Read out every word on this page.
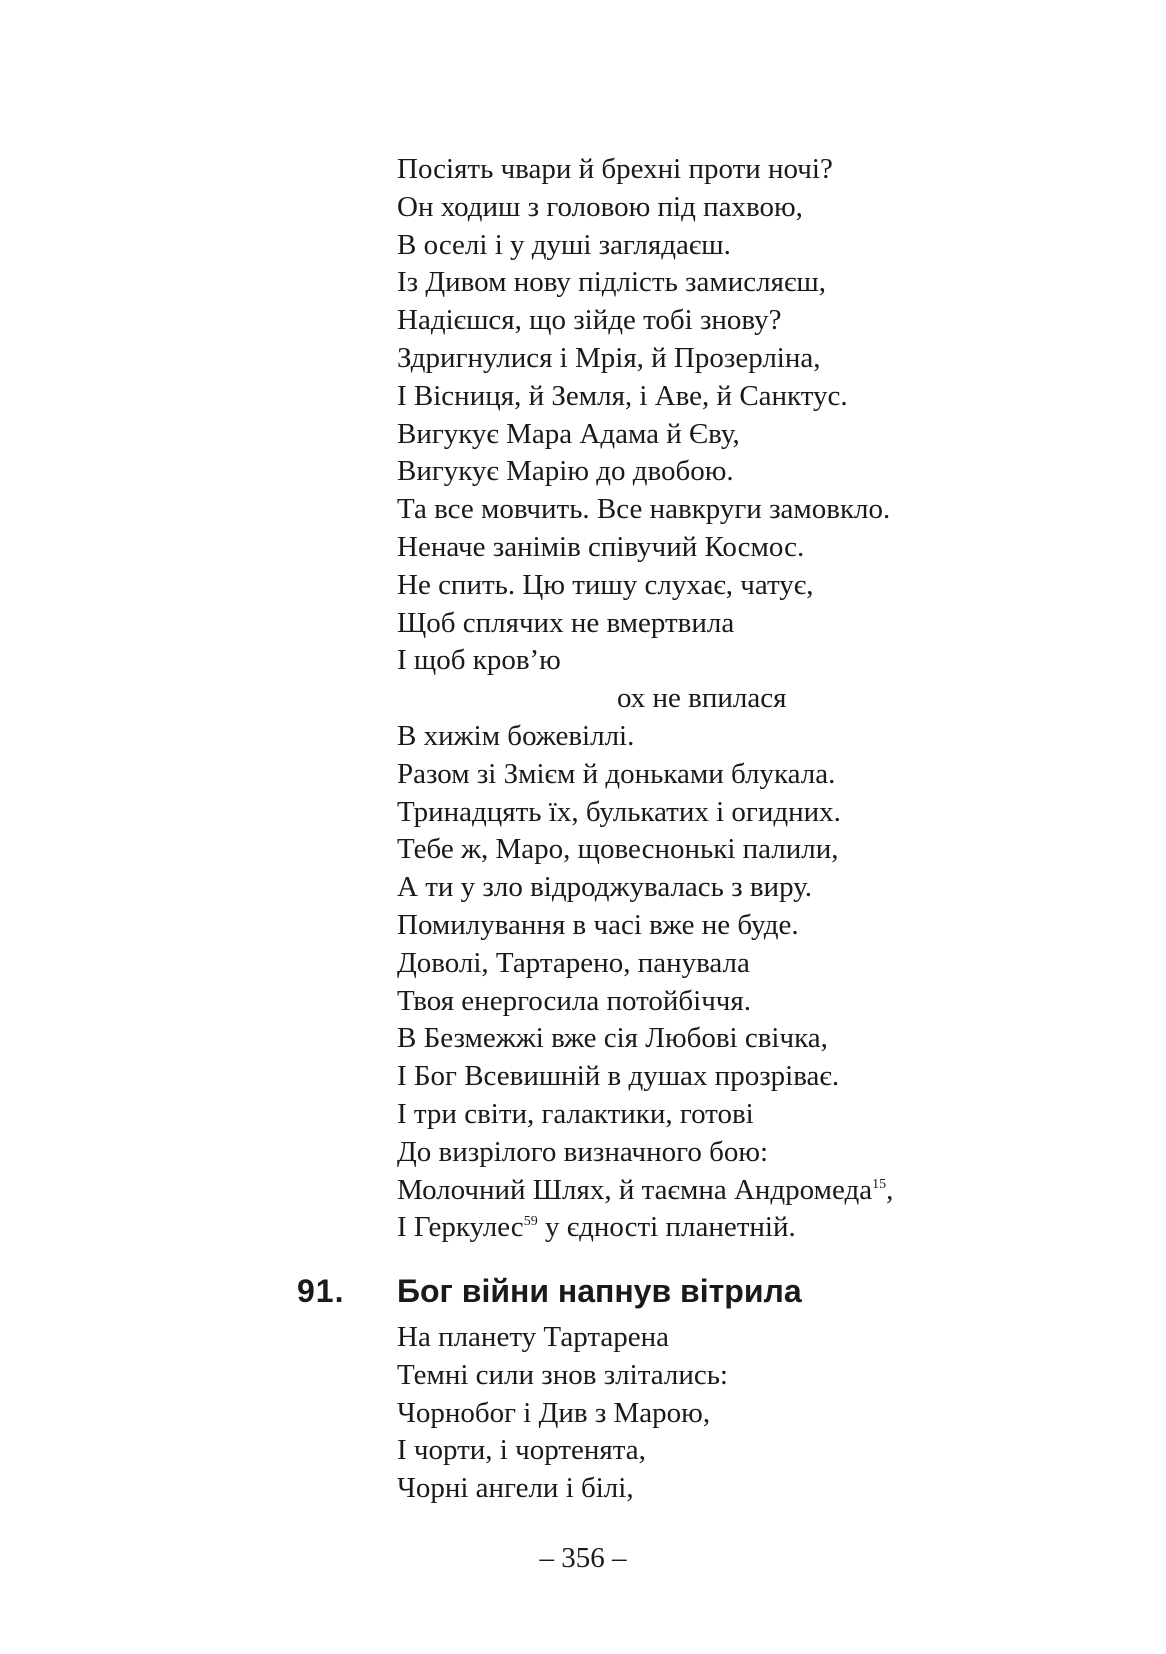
Посіять чвари й брехні проти ночі?
Он ходиш з головою під пахвою,
В оселі і у душі заглядаєш.
Із Дивом нову підлість замисляєш,
Надієшся, що зійде тобі знову?
Здригнулися і Мрія, й Прозерліна,
І Вісниця, й Земля, і Аве, й Санктус.
Вигукує Мара Адама й Єву,
Вигукує Марію до двобою.
Та все мовчить. Все навкруги замовкло.
Неначе занімів співучий Космос.
Не спить. Цю тишу слухає, чатує,
Щоб сплячих не вмертвила
І щоб кров’ю
ох не впилася
В хижім божевіллі.
Разом зі Змієм й доньками блукала.
Тринадцять їх, булькатих і огидних.
Тебе ж, Маро, щовеснонькі палили,
А ти у зло відроджувалась з виру.
Помилування в часі вже не буде.
Доволі, Тартарено, панувала
Твоя енергосила потойбіччя.
В Безмежжі вже сія Любові свічка,
І Бог Всевишній в душах прозріває.
І три світи, галактики, готові
До визрілого визначного бою:
Молочний Шлях, й таємна Андромеда$^{15}$,
І Геркулес$^{59}$ у єдності планетній.
91.	Бог війни напнув вітрила
На планету Тартарена
Темні сили знов злітались:
Чорнобог і Див з Марою,
І чорти, і чортенята,
Чорні ангели і білі,
– 356 –
